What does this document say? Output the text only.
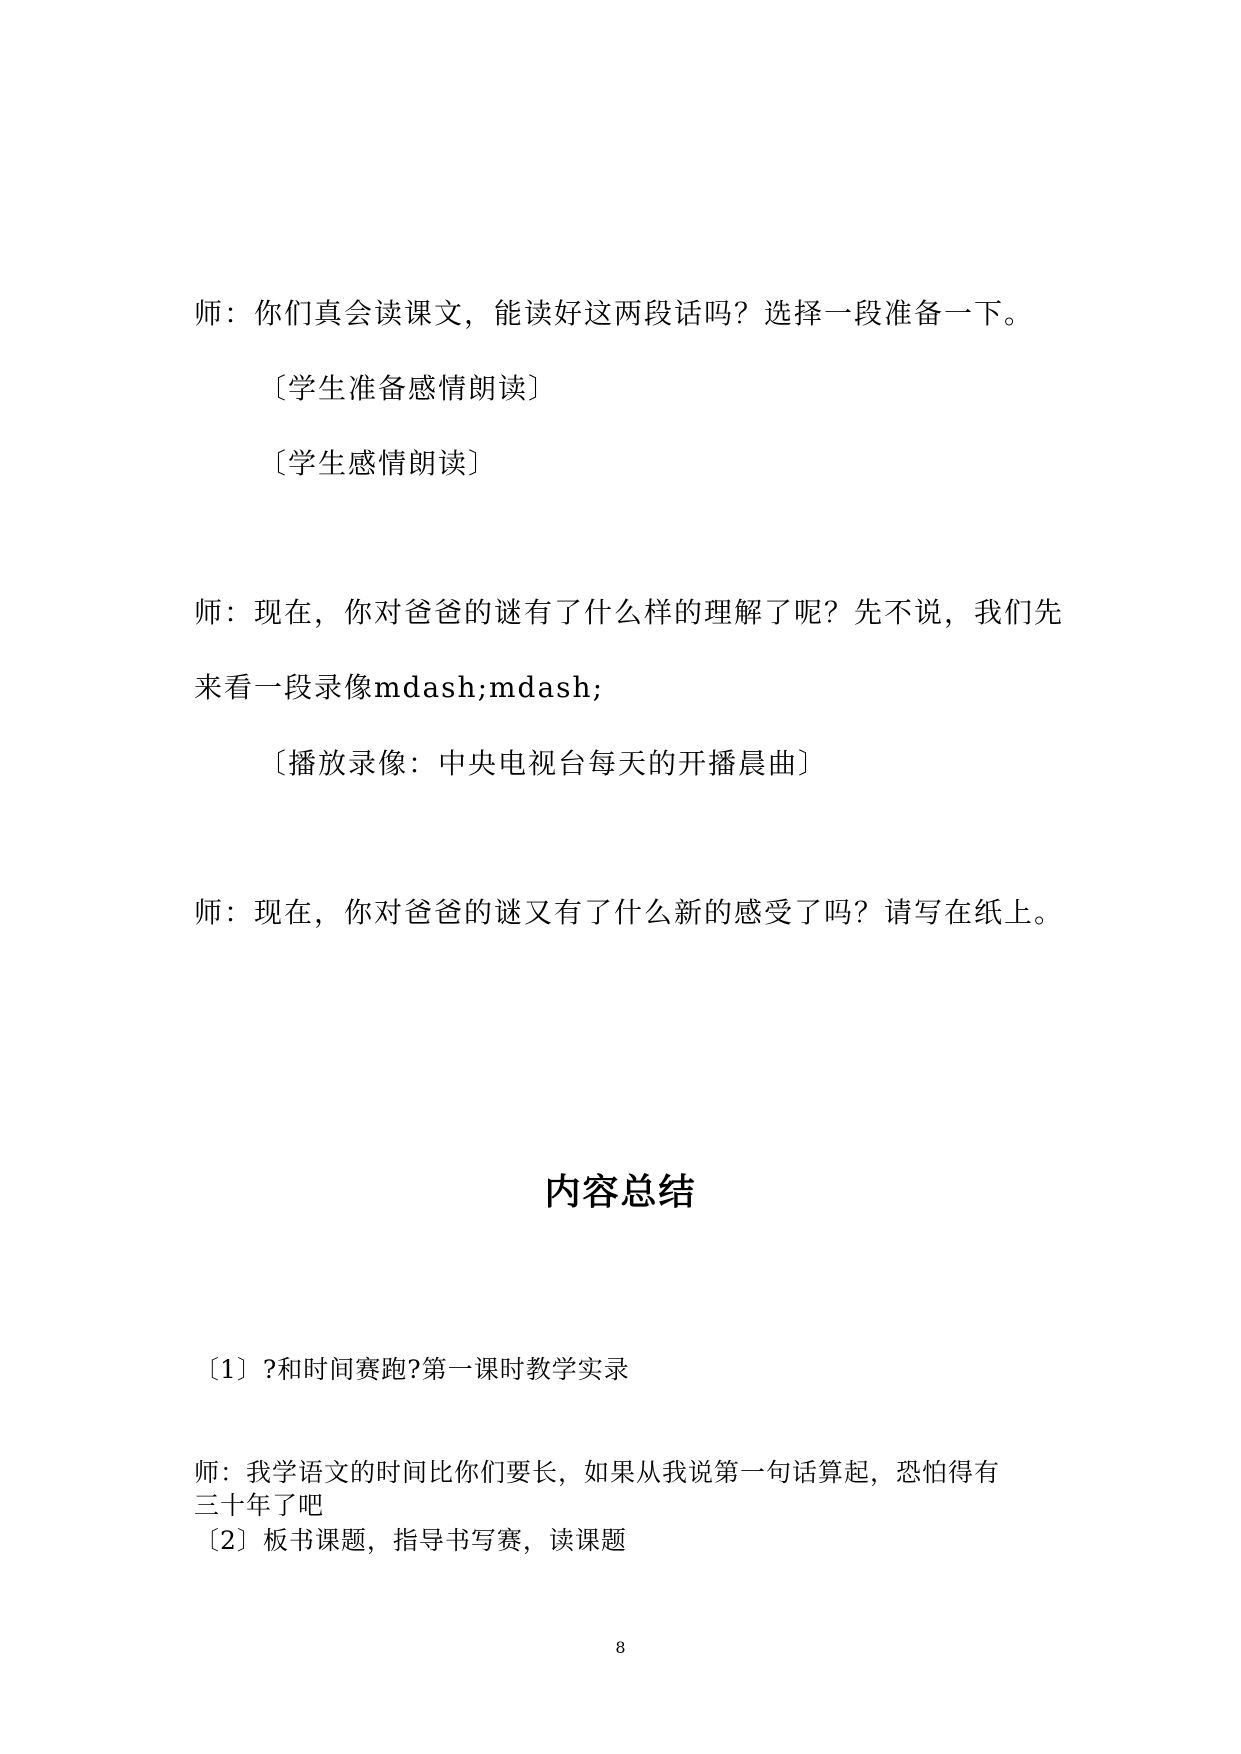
师：你们真会读课文，能读好这两段话吗？选择一段准备一下。
〔学生准备感情朗读〕
〔学生感情朗读〕
师：现在，你对爸爸的谜有了什么样的理解了呢？先不说，我们先
来看一段录像mdash;mdash;
〔播放录像：中央电视台每天的开播晨曲〕
师：现在，你对爸爸的谜又有了什么新的感受了吗？请写在纸上。
内容总结
〔1〕?和时间赛跑?第一课时教学实录
师：我学语文的时间比你们要长，如果从我说第一句话算起，恐怕得有
三十年了吧
〔2〕板书课题，指导书写赛，读课题
8
